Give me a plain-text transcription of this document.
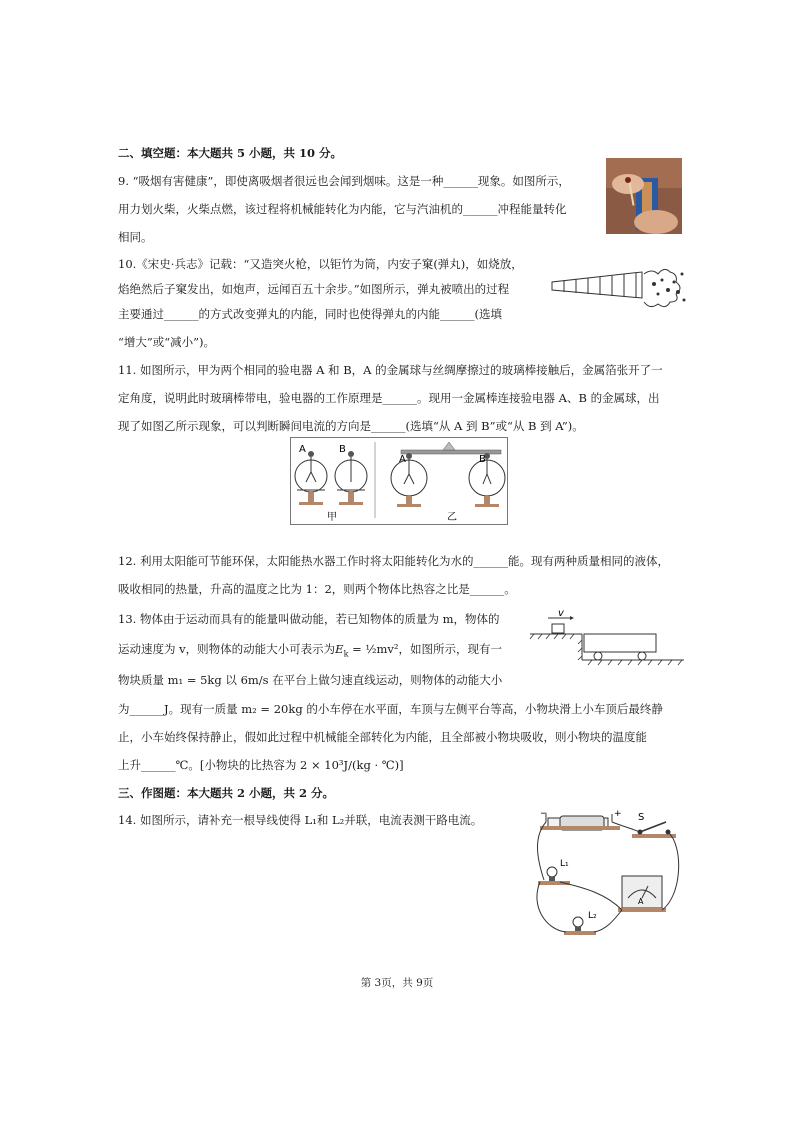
二、填空题：本大题共 5 小题，共 10 分。
9. “吸烟有害健康”，即使离吸烟者很远也会闻到烟味。这是一种______现象。如图所示，
用力划火柴，火柴点燃，该过程将机械能转化为内能，它与汽油机的______冲程能量转化
相同。
10.《宋史·兵志》记载：“又造突火枪，以钜竹为筒，内安子窠(弹丸)，如烧放，
焰绝然后子窠发出，如炮声，远闻百五十余步。”如图所示，弹丸被喷出的过程
主要通过______的方式改变弹丸的内能，同时也使得弹丸的内能______(选填
“增大”或“减小”)。
11. 如图所示，甲为两个相同的验电器 A 和 B，A 的金属球与丝绸摩擦过的玻璃棒接触后，金属箔张开了一
定角度，说明此时玻璃棒带电，验电器的工作原理是______。现用一金属棒连接验电器 A、B 的金属球，出
现了如图乙所示现象，可以判断瞬间电流的方向是______(选填“从 A 到 B”或“从 B 到 A”)。
A	B
A	B
甲	乙
12. 利用太阳能可节能环保，太阳能热水器工作时将太阳能转化为水的______能。现有两种质量相同的液体，
吸收相同的热量，升高的温度之比为 1：2，则两个物体比热容之比是______。
13. 物体由于运动而具有的能量叫做动能，若已知物体的质量为 m，物体的
运动速度为 v，则物体的动能大小可表示为$E_k$ = ½mv²，如图所示，现有一
物块质量 m₁ = 5kg 以 6m/s 在平台上做匀速直线运动，则物体的动能大小
为______J。现有一质量 m₂ = 20kg 的小车停在水平面，车顶与左侧平台等高，小物块滑上小车顶后最终静
止，小车始终保持静止，假如此过程中机械能全部转化为内能，且全部被小物块吸收，则小物块的温度能
上升______℃。[小物块的比热容为 2 × 10³J/(kg · ℃)]
v
三、作图题：本大题共 2 小题，共 2 分。
14. 如图所示，请补充一根导线使得 L₁和 L₂并联，电流表测干路电流。	−	+ S
L₁
L₂
A
第 3页，共 9页
